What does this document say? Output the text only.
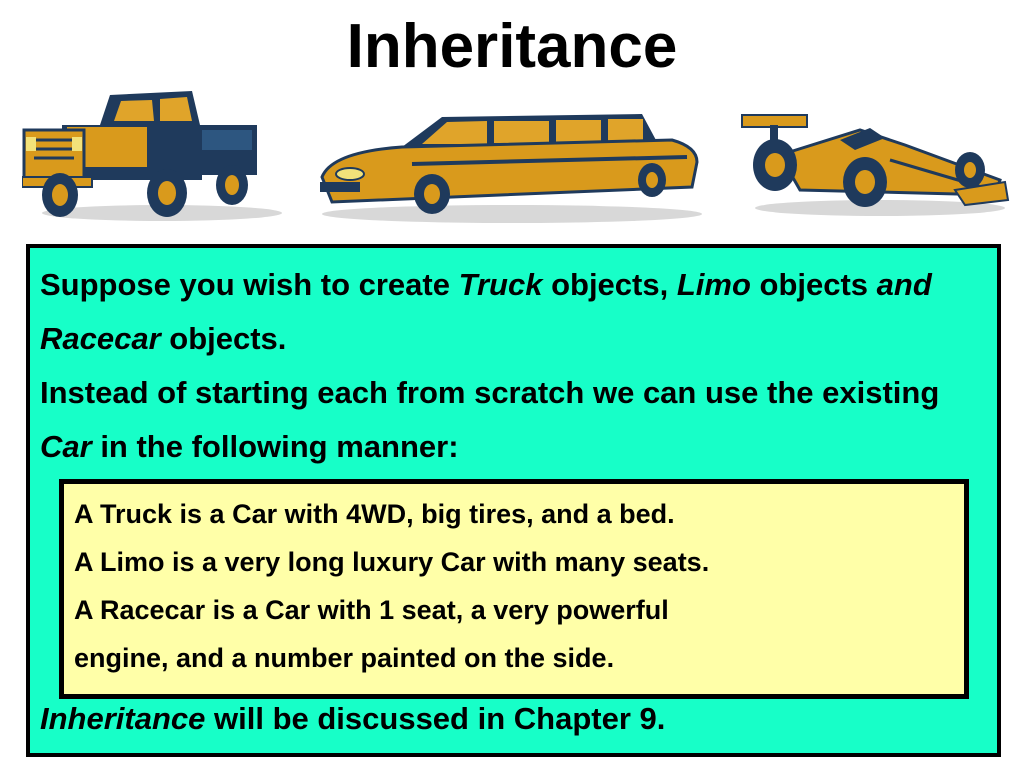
Inheritance
Suppose you wish to create Truck objects, Limo objects and Racecar objects.
Instead of starting each from scratch we can use the existing Car in the following manner:
A Truck is a Car with 4WD, big tires, and a bed.
A Limo is a very long luxury Car with many seats.
A Racecar is a Car with 1 seat, a very powerful
engine, and a number painted on the side.
Inheritance will be discussed in Chapter 9.
